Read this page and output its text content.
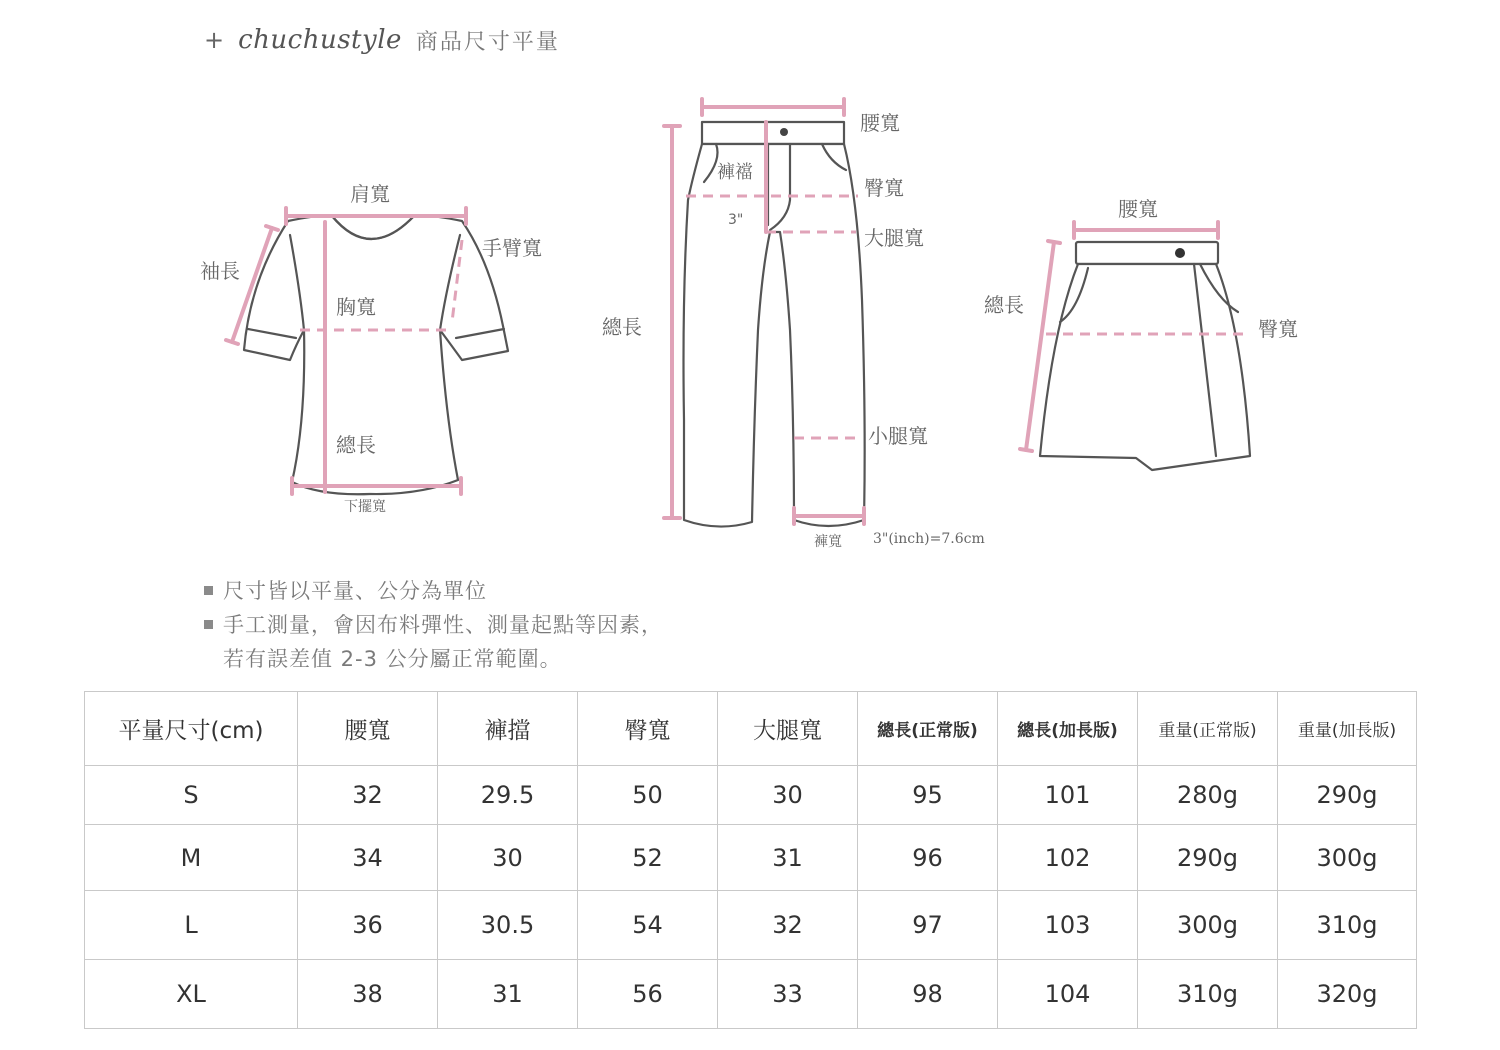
+ chuchustyle 商品尺寸平量
肩寬
手臂寬
袖長
胸寬
總長
下擺寬
腰寬
褲襠
3"
臀寬
大腿寬
總長
小腿寬
褲寬 3"(inch)=7.6cm
腰寬
總長
臀寬
尺寸皆以平量、公分為單位
手工測量，會因布料彈性、測量起點等因素，
若有誤差值 2-3 公分屬正常範圍。
平量尺寸(cm)	腰寬	褲擋	臀寬	大腿寬	總長(正常版)	總長(加長版)	重量(正常版)	重量(加長版)
S	32	29.5	50	30	95	101	280g	290g
M	34	30	52	31	96	102	290g	300g
L	36	30.5	54	32	97	103	300g	310g
XL	38	31	56	33	98	104	310g	320g
